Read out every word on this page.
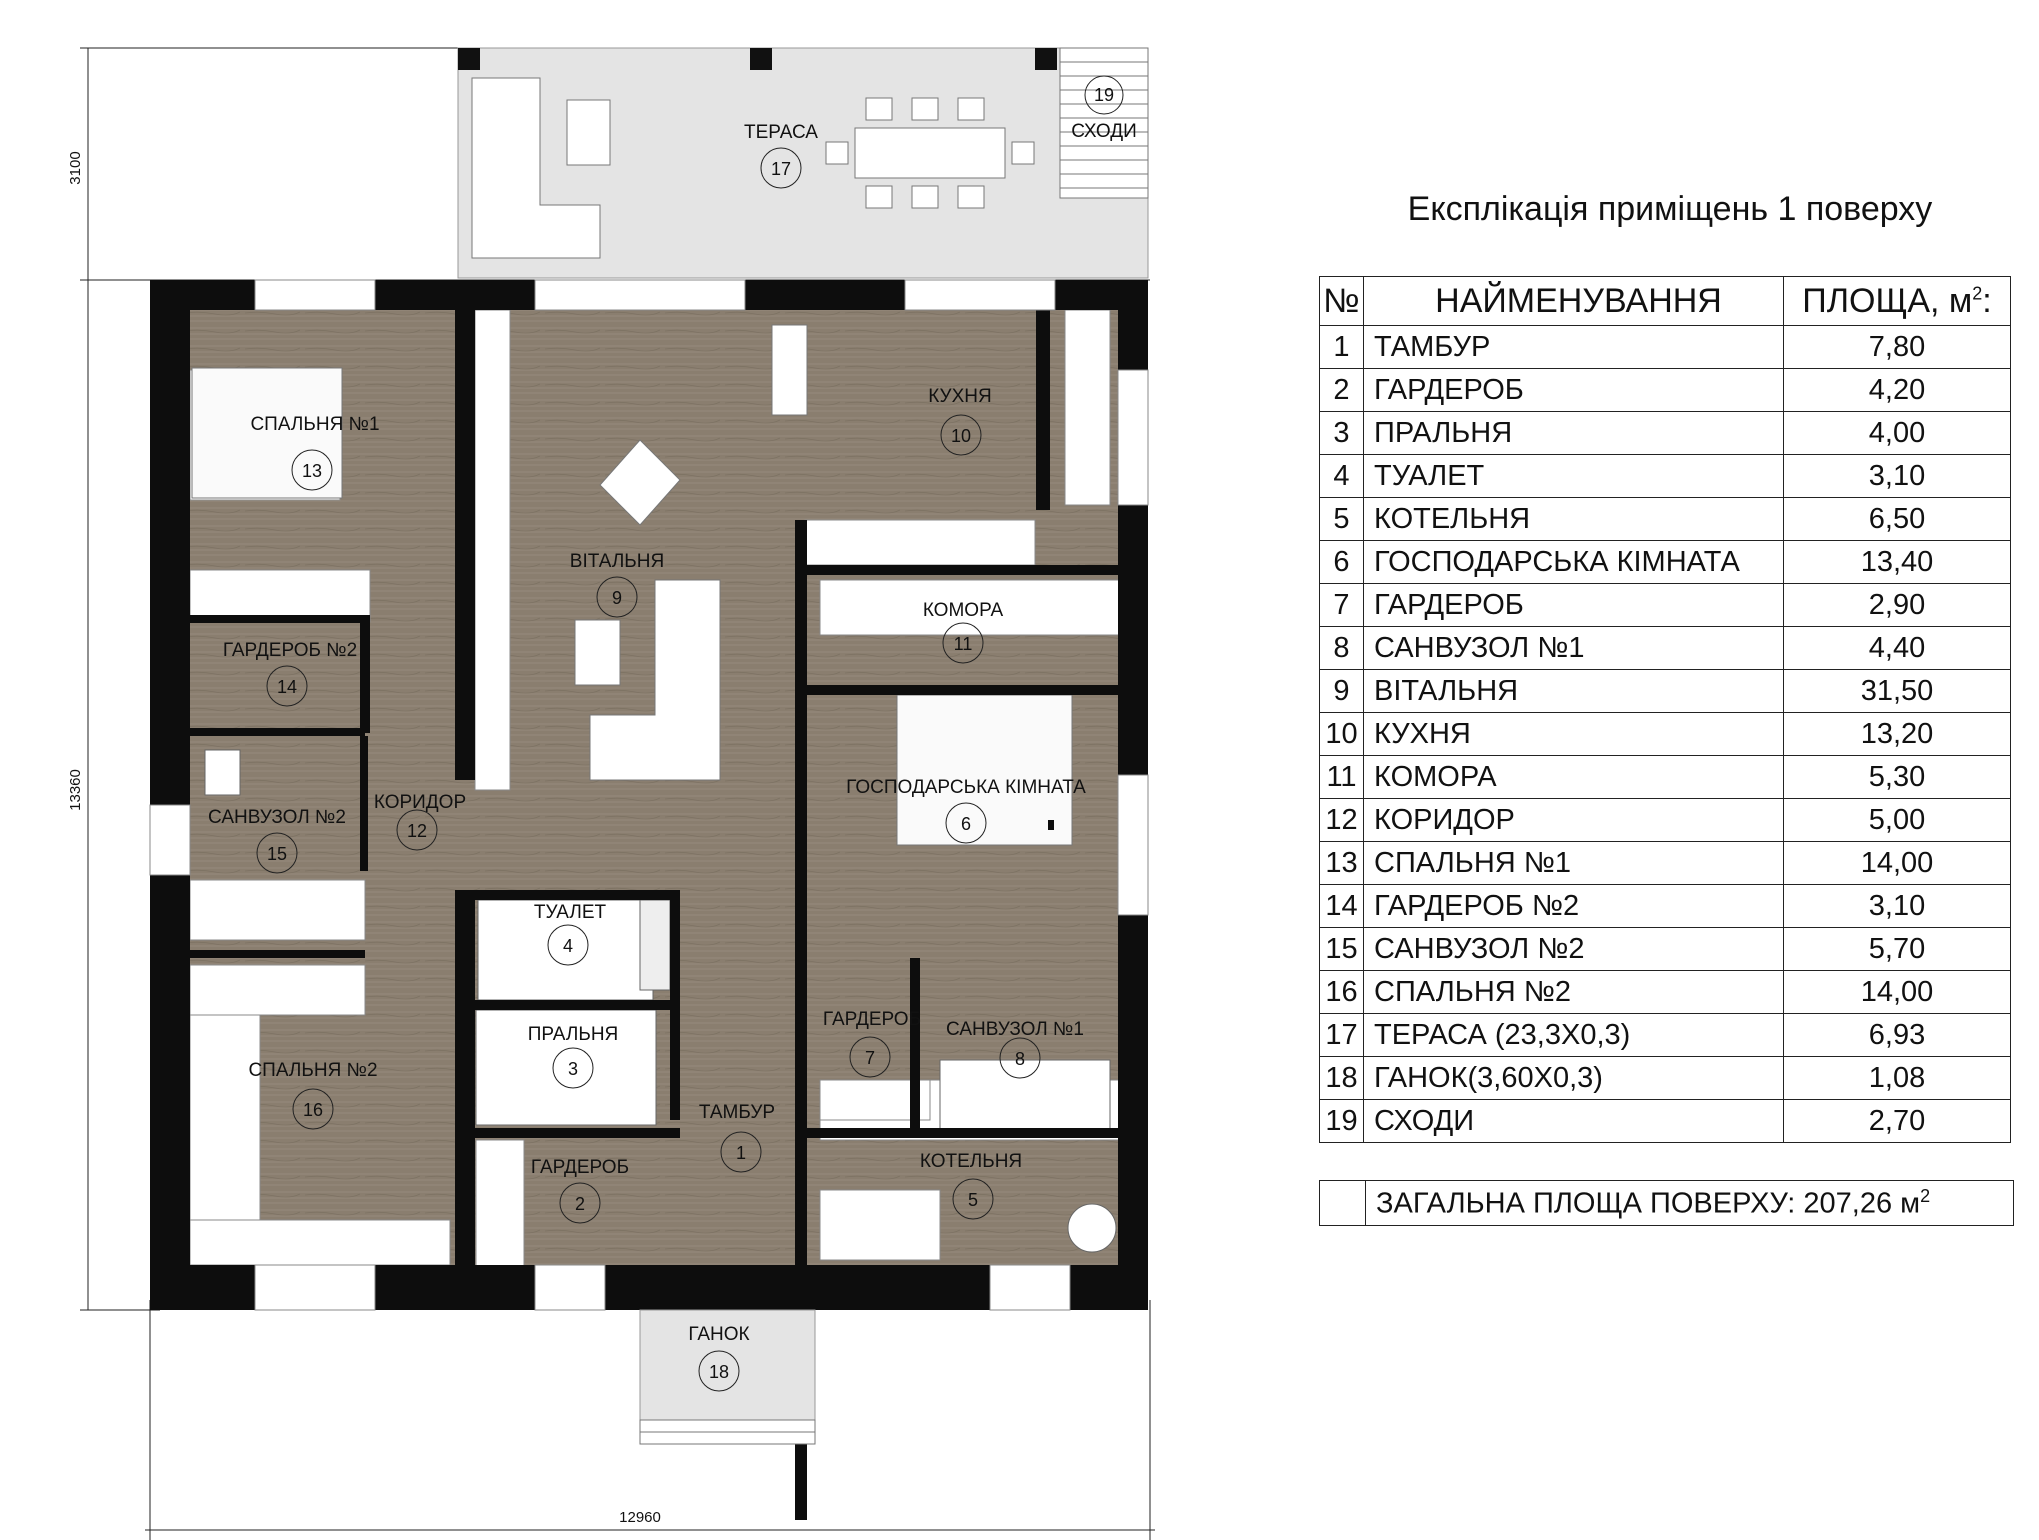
3100
13360
12960
ТЕРАСА
17
19
СХОДИ
СПАЛЬНЯ №1
13
КУХНЯ
10
ВІТАЛЬНЯ
9
КОМОРА
11
ГАРДЕРОБ №2
14
ГОСПОДАРСЬКА КІМНАТА
6
САНВУЗОЛ №2
15
КОРИДОР
12
ТУАЛЕТ
4
ГАРДЕРОБ
7
САНВУЗОЛ №1
8
ПРАЛЬНЯ
3
СПАЛЬНЯ №2
16	ТАМБУР
1
ГАРДЕРОБ
2
КОТЕЛЬНЯ
5
ГАНОК
18
Експлікація приміщень 1 поверху
№	НАЙМЕНУВАННЯ	ПЛОЩА, $м^2$:
1	ТАМБУР	7,80
2	ГАРДЕРОБ	4,20
3	ПРАЛЬНЯ	4,00
4	ТУАЛЕТ	3,10
5	КОТЕЛЬНЯ	6,50
6	ГОСПОДАРСЬКА КІМНАТА	13,40
7	ГАРДЕРОБ	2,90
8	САНВУЗОЛ №1	4,40
9	ВІТАЛЬНЯ	31,50
10	КУХНЯ	13,20
11	КОМОРА	5,30
12	КОРИДОР	5,00
13	СПАЛЬНЯ №1	14,00
14	ГАРДЕРОБ №2	3,10
15	САНВУЗОЛ №2	5,70
16	СПАЛЬНЯ №2	14,00
17	ТЕРАСА (23,3Х0,3)	6,93
18	ГАНОК(3,60Х0,3)	1,08
19	СХОДИ	2,70
	ЗАГАЛЬНА ПЛОЩА ПОВЕРХУ: 207,26 $м^2$
